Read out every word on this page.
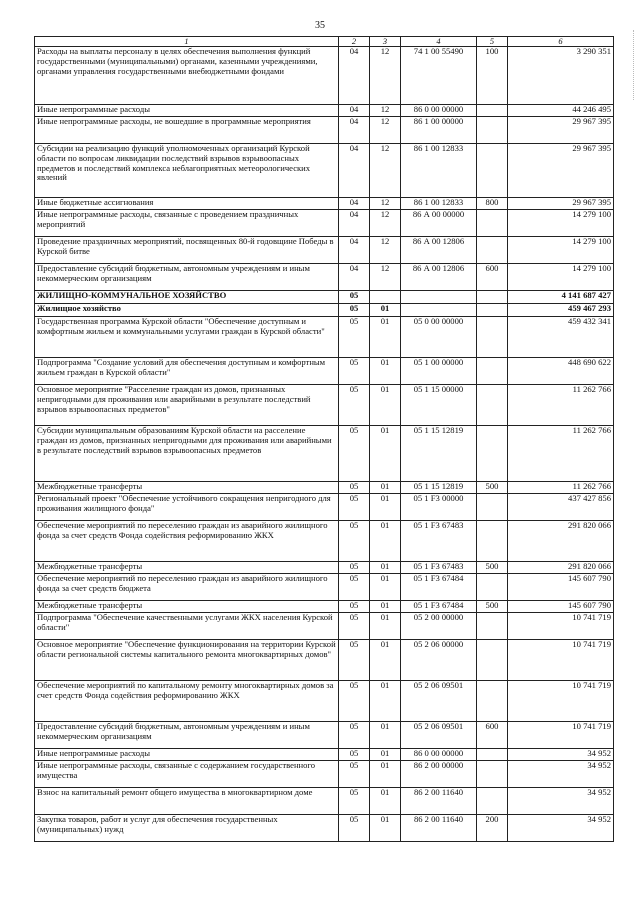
35
1	2	3	4	5	6
Расходы на выплаты персоналу в целях обеспечения выполнения функций государственными (муниципальными) органами, казенными учреждениями, органами управления государственными внебюджетными фондами	04	12	74 1 00 55490	100	3 290 351
Иные непрограммные расходы	04	12	86 0 00 00000		44 246 495
Иные непрограммные расходы, не вошедшие в программные мероприятия	04	12	86 1 00 00000		29 967 395
Субсидии на реализацию функций уполномоченных организаций Курской области по вопросам ликвидации последствий взрывов взрывоопасных предметов и последствий комплекса неблагоприятных метеорологических явлений	04	12	86 1 00 12833		29 967 395
Иные бюджетные ассигнования	04	12	86 1 00 12833	800	29 967 395
Иные непрограммные расходы, связанные с проведением праздничных мероприятий	04	12	86 А 00 00000		14 279 100
Проведение праздничных мероприятий, посвященных 80-й годовщине Победы в Курской битве	04	12	86 А 00 12806		14 279 100
Предоставление субсидий бюджетным, автономным учреждениям и иным некоммерческим организациям	04	12	86 А 00 12806	600	14 279 100
ЖИЛИЩНО-КОММУНАЛЬНОЕ ХОЗЯЙСТВО	05				4 141 687 427
Жилищное хозяйство	05	01			459 467 293
Государственная программа Курской области "Обеспечение доступным и комфортным жильем и коммунальными услугами граждан в Курской области"	05	01	05 0 00 00000		459 432 341
Подпрограмма "Создание условий для обеспечения доступным и комфортным жильем граждан в Курской области"	05	01	05 1 00 00000		448 690 622
Основное мероприятие "Расселение граждан из домов, признанных непригодными для проживания или аварийными в результате последствий взрывов взрывоопасных предметов"	05	01	05 1 15 00000		11 262 766
Субсидии муниципальным образованиям Курской области на расселение граждан из домов, признанных непригодными для проживания или аварийными в результате последствий взрывов взрывоопасных предметов	05	01	05 1 15 12819		11 262 766
Межбюджетные трансферты	05	01	05 1 15 12819	500	11 262 766
Региональный проект "Обеспечение устойчивого сокращения непригодного для проживания жилищного фонда"	05	01	05 1 F3 00000		437 427 856
Обеспечение мероприятий по переселению граждан из аварийного жилищного фонда за счет средств Фонда содействия реформированию ЖКХ	05	01	05 1 F3 67483		291 820 066
Межбюджетные трансферты	05	01	05 1 F3 67483	500	291 820 066
Обеспечение мероприятий по переселению граждан из аварийного жилищного фонда за счет средств бюджета	05	01	05 1 F3 67484		145 607 790
Межбюджетные трансферты	05	01	05 1 F3 67484	500	145 607 790
Подпрограмма "Обеспечение качественными услугами ЖКХ населения Курской области"	05	01	05 2 00 00000		10 741 719
Основное мероприятие "Обеспечение функционирования на территории Курской области региональной системы капитального ремонта многоквартирных домов"	05	01	05 2 06 00000		10 741 719
Обеспечение мероприятий по капитальному ремонту многоквартирных домов за счет средств Фонда содействия реформированию ЖКХ	05	01	05 2 06 09501		10 741 719
Предоставление субсидий бюджетным, автономным учреждениям и иным некоммерческим организациям	05	01	05 2 06 09501	600	10 741 719
Иные непрограммные расходы	05	01	86 0 00 00000		34 952
Иные непрограммные расходы, связанные с содержанием государственного имущества	05	01	86 2 00 00000		34 952
Взнос на капитальный ремонт общего имущества в многоквартирном доме	05	01	86 2 00 11640		34 952
Закупка товаров, работ и услуг для обеспечения государственных (муниципальных) нужд	05	01	86 2 00 11640	200	34 952
